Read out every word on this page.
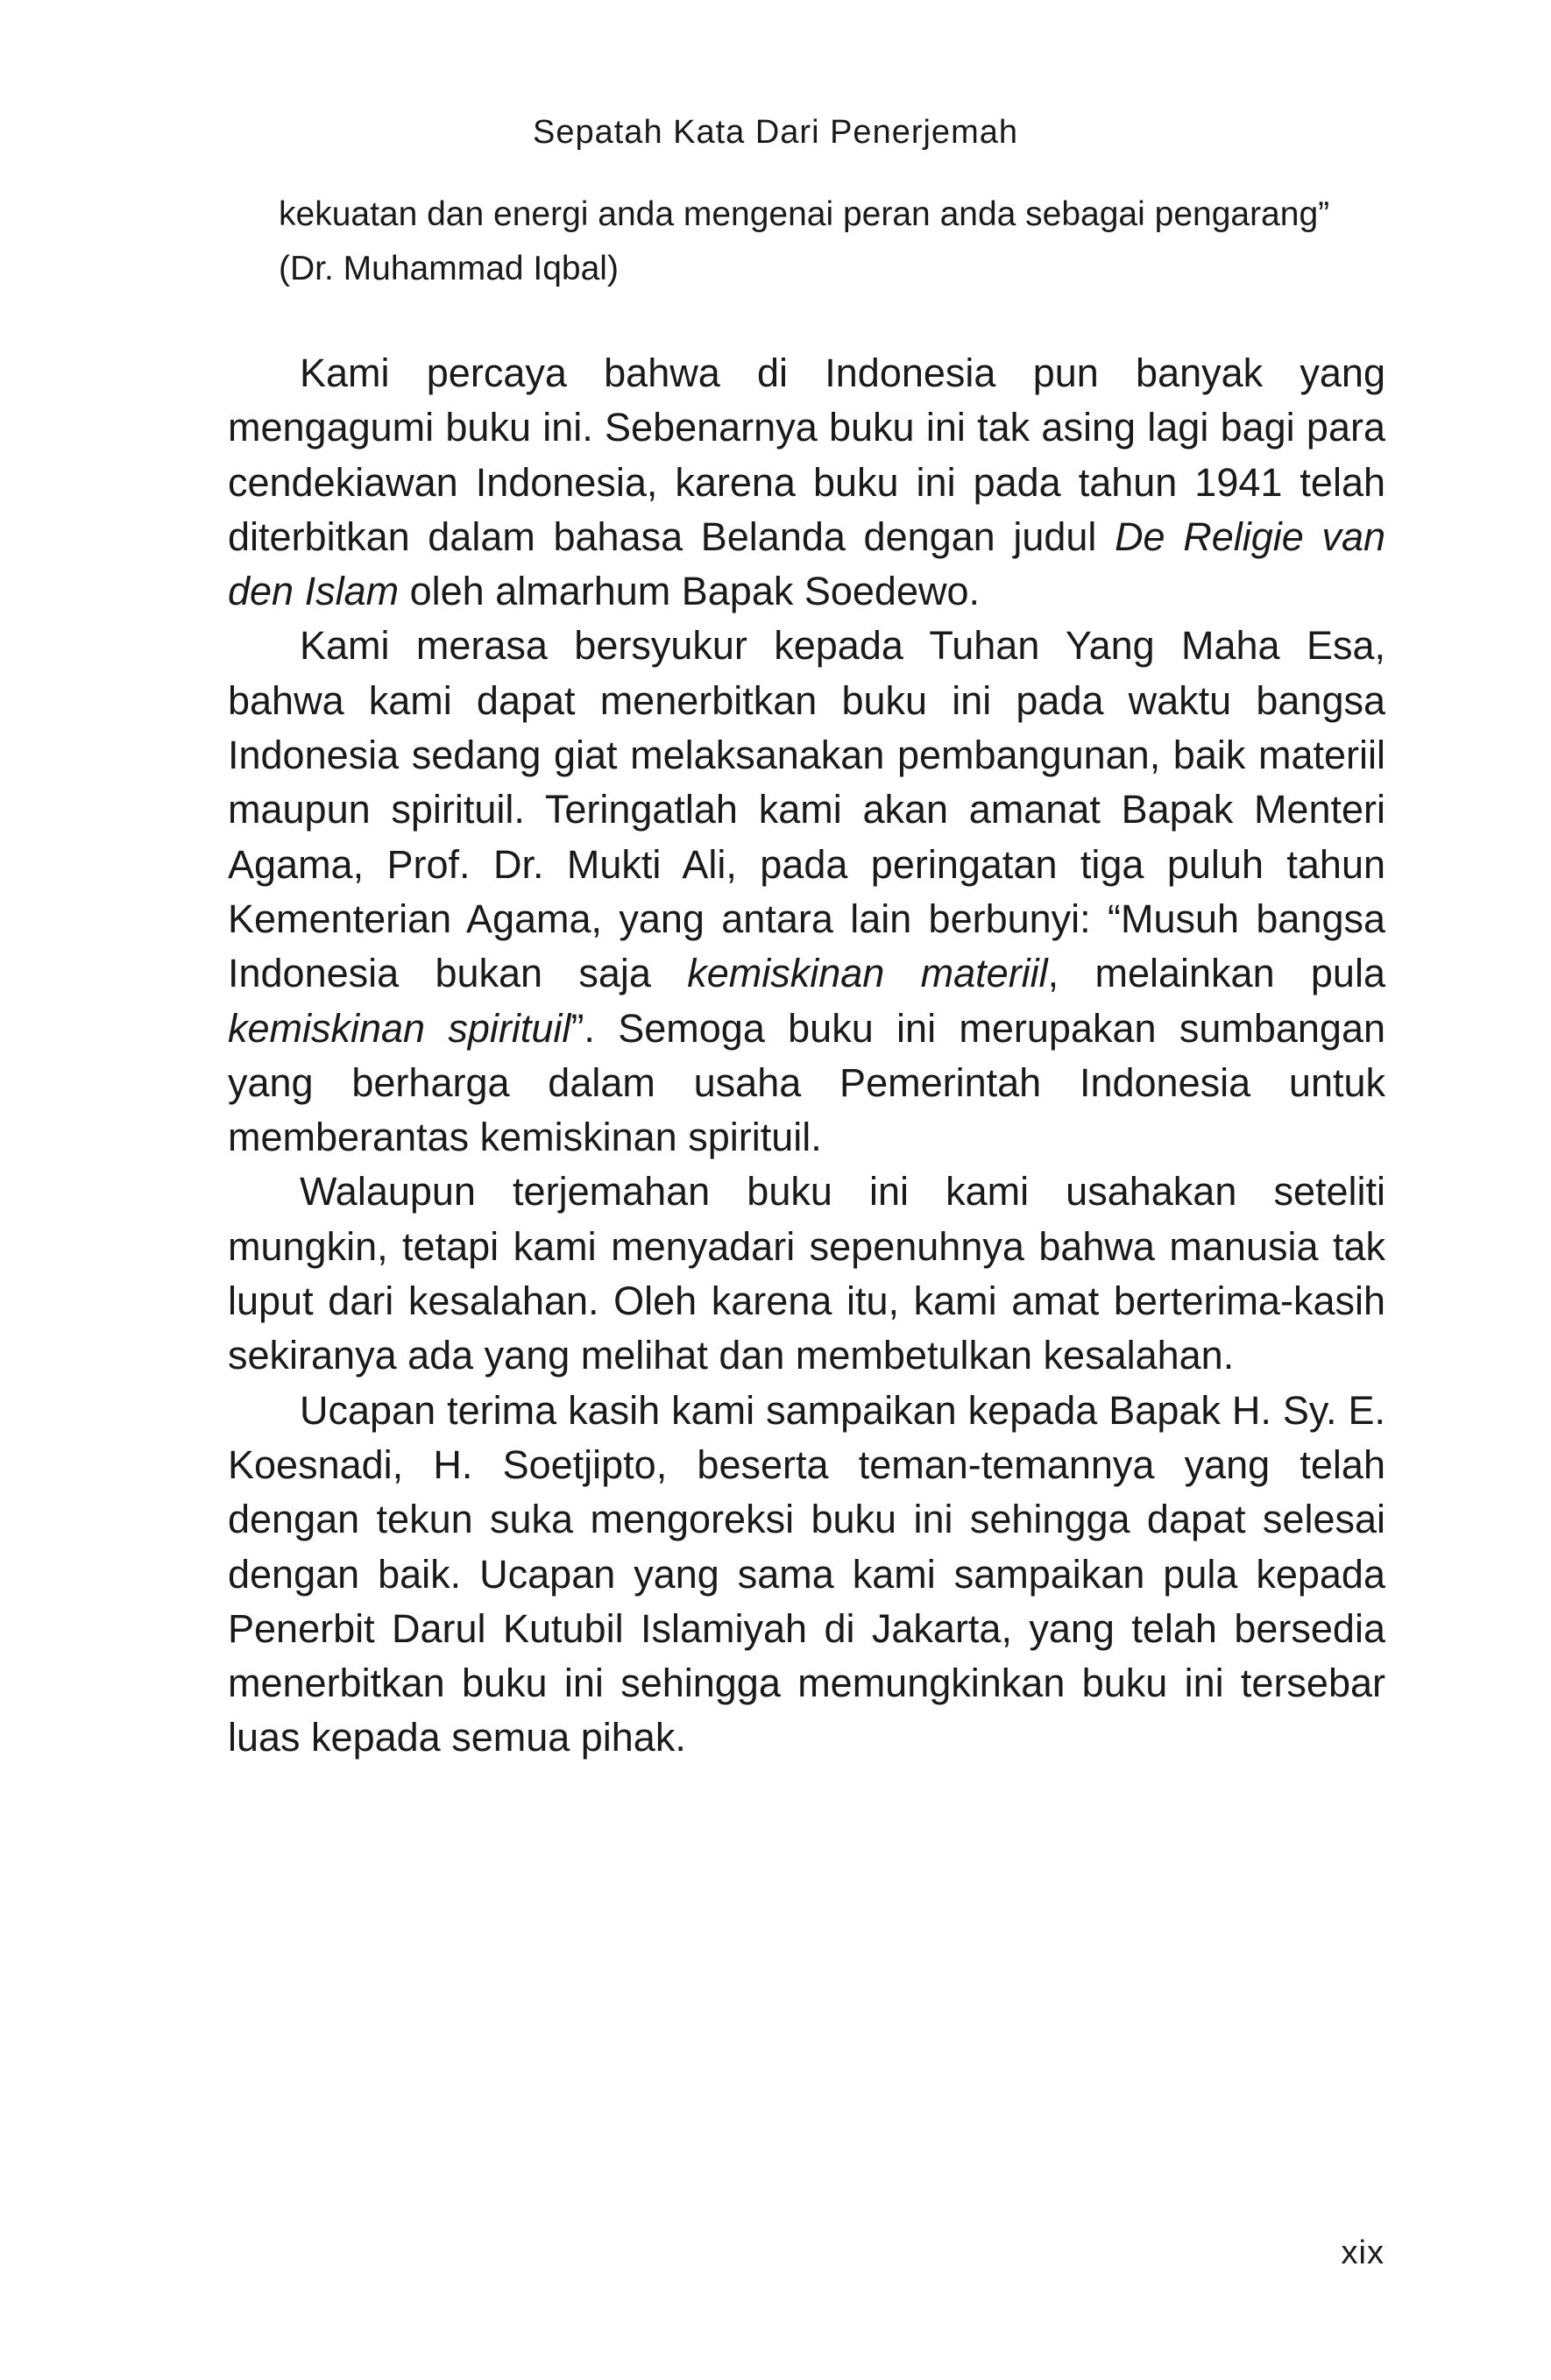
Sepatah Kata Dari Penerjemah

kekuatan dan energi anda mengenai peran anda sebagai pengarang” (Dr. Muhammad Iqbal)

Kami percaya bahwa di Indonesia pun banyak yang mengagumi buku ini. Sebenarnya buku ini tak asing lagi bagi para cendekiawan Indonesia, karena buku ini pada tahun 1941 telah diterbitkan dalam bahasa Belanda dengan judul De Religie van den Islam oleh almarhum Bapak Soedewo.

Kami merasa bersyukur kepada Tuhan Yang Maha Esa, bahwa kami dapat menerbitkan buku ini pada waktu bangsa Indonesia sedang giat melaksanakan pembangunan, baik materiil maupun spirituil. Teringatlah kami akan amanat Bapak Menteri Agama, Prof. Dr. Mukti Ali, pada peringatan tiga puluh tahun Kementerian Agama, yang antara lain berbunyi: “Musuh bangsa Indonesia bukan saja kemiskinan materiil, melainkan pula kemiskinan spirituil”. Semoga buku ini merupakan sumbangan yang berharga dalam usaha Pemerintah Indonesia untuk memberantas kemiskinan spirituil.

Walaupun terjemahan buku ini kami usahakan seteliti mungkin, tetapi kami menyadari sepenuhnya bahwa manusia tak luput dari kesalahan. Oleh karena itu, kami amat berterima-kasih sekiranya ada yang melihat dan membetulkan kesalahan.

Ucapan terima kasih kami sampaikan kepada Bapak H. Sy. E. Koesnadi, H. Soetjipto, beserta teman-temannya yang telah dengan tekun suka mengoreksi buku ini sehingga dapat selesai dengan baik. Ucapan yang sama kami sampaikan pula kepada Penerbit Darul Kutubil Islamiyah di Jakarta, yang telah bersedia menerbitkan buku ini sehingga memungkinkan buku ini tersebar luas kepada semua pihak.

xix
